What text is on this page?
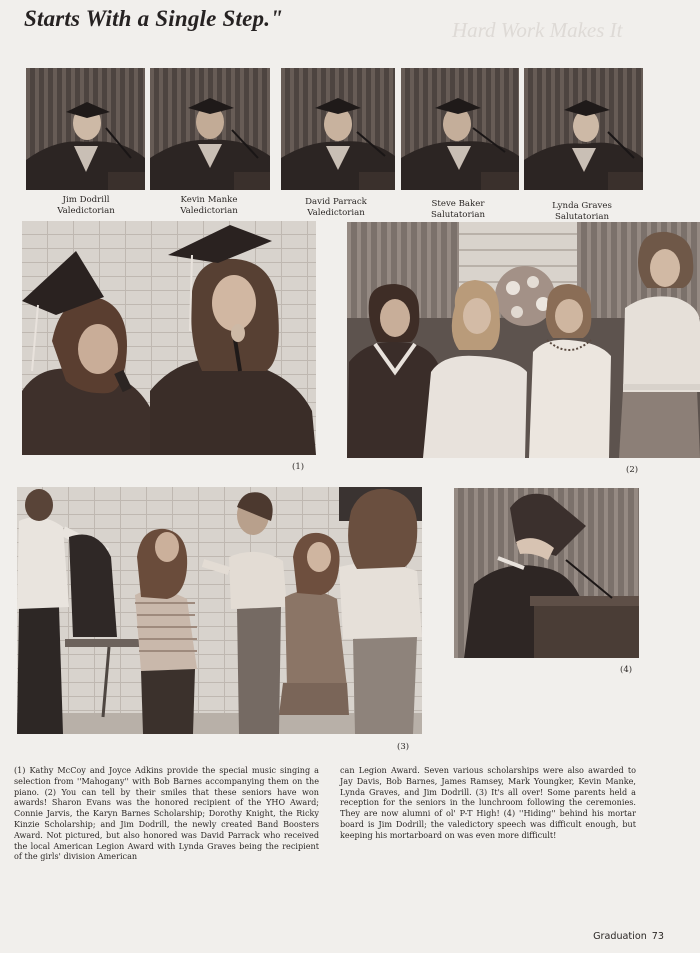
Starts With a Single Step."	Hard Work Makes It
Jim Dodrill
Valedictorian
Kevin Manke
Valedictorian
David Parrack
Valedictorian
Steve Baker
Salutatorian
Lynda Graves
Salutatorian
(1)	(2)
(3)
(4)
(1) Kathy McCoy and Joyce Adkins provide the special music singing a selection from ''Mahogany'' with Bob Barnes accompanying them on the piano. (2) You can tell by their smiles that these seniors have won awards! Sharon Evans was the honored recipient of the YHO Award; Connie Jarvis, the Karyn Barnes Scholarship; Dorothy Knight, the Ricky Kinzie Scholarship; and Jim Dodrill, the newly created Band Boosters Award. Not pictured, but also honored was David Parrack who received the local American Legion Award with Lynda Graves being the recipient of the girls' division American
can Legion Award. Seven various scholarships were also awarded to Jay Davis, Bob Barnes, James Ramsey, Mark Youngker, Kevin Manke, Lynda Graves, and Jim Dodrill. (3) It's all over! Some parents held a reception for the seniors in the lunchroom following the ceremonies. They are now alumni of ol' P-T High! (4) ''Hiding'' behind his mortar board is Jim Dodrill; the valedictory speech was difficult enough, but keeping his mortarboard on was even more difficult!
Graduation 73
